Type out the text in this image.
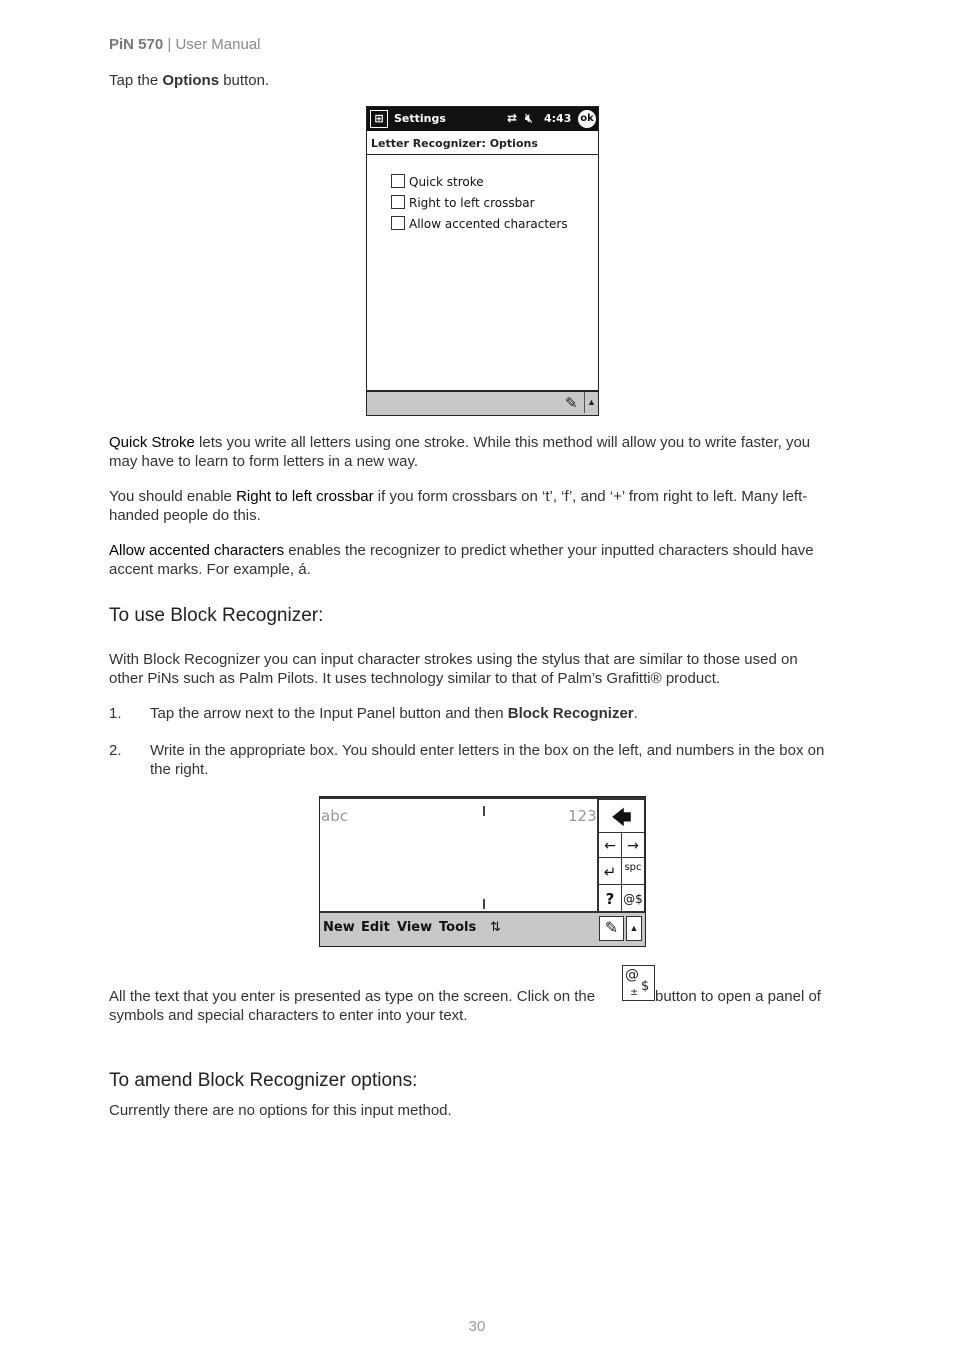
PiN 570 | User Manual
Tap the Options button.
⊞ Settings	⇄ 🔇︎ 4:43 ok
Letter Recognizer: Options
Quick stroke
Right to left crossbar
Allow accented characters
✎	▲
Quick Stroke lets you write all letters using one stroke. While this method will allow you to write faster, you
may have to learn to form letters in a new way.
You should enable Right to left crossbar if you form crossbars on ‘t’, ‘f’, and ‘+’ from right to left. Many left-
handed people do this.
Allow accented characters enables the recognizer to predict whether your inputted characters should have
accent marks. For example, á.
To use Block Recognizer:
With Block Recognizer you can input character strokes using the stylus that are similar to those used on
other PiNs such as Palm Pilots. It uses technology similar to that of Palm’s Grafitti® product.
1. Tap the arrow next to the Input Panel button and then Block Recognizer.
2. Write in the appropriate box. You should enter letters in the box on the left, and numbers in the box on
the right.
abc	123 🡄
← →
↵ spc
? @$
New Edit View Tools ⇅	✎	▲
All the text that you enter is presented as type on the screen. Click on the
@
$
± button to open a panel of
symbols and special characters to enter into your text.
To amend Block Recognizer options:
Currently there are no options for this input method.
30
